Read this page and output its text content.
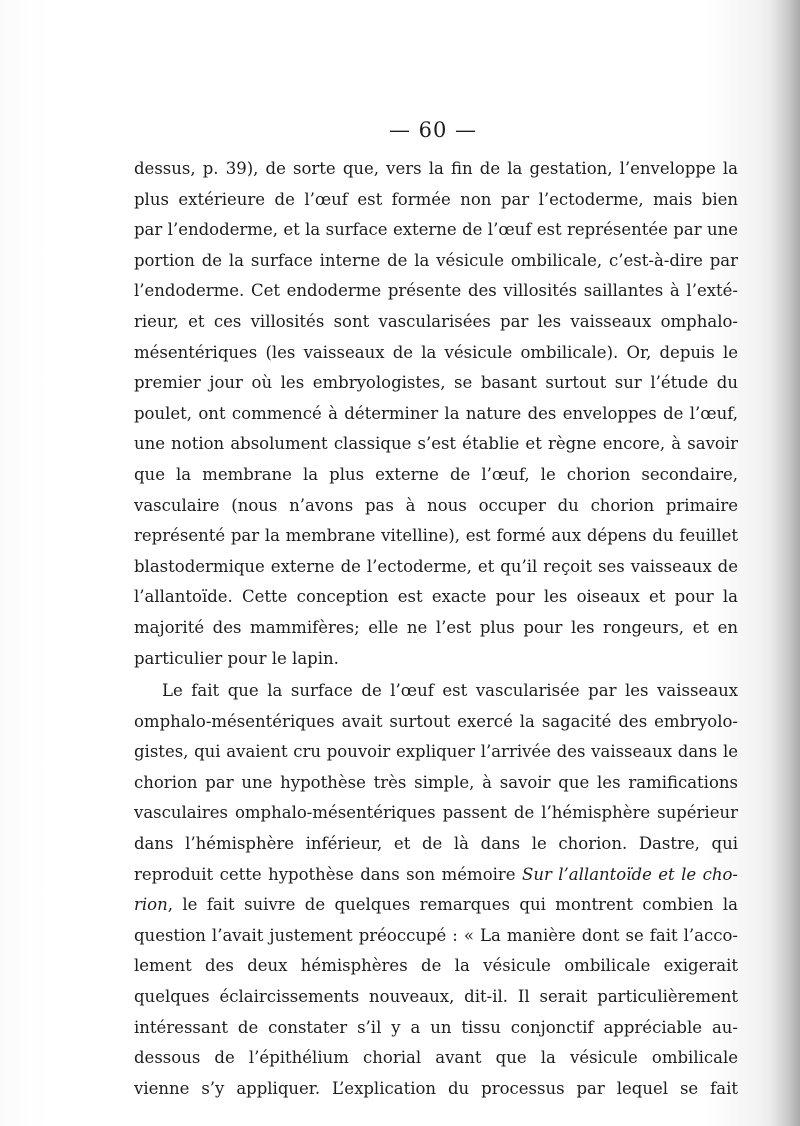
— 60 —
dessus, p. 39), de sorte que, vers la fin de la gestation, l’enveloppe la
plus extérieure de l’œuf est formée non par l’ectoderme, mais bien
par l’endoderme, et la surface externe de l’œuf est représentée par une
portion de la surface interne de la vésicule ombilicale, c’est-à-dire par
l’endoderme. Cet endoderme présente des villosités saillantes à l’exté-
rieur, et ces villosités sont vascularisées par les vaisseaux omphalo-
mésentériques (les vaisseaux de la vésicule ombilicale). Or, depuis le
premier jour où les embryologistes, se basant surtout sur l’étude du
poulet, ont commencé à déterminer la nature des enveloppes de l’œuf,
une notion absolument classique s’est établie et règne encore, à savoir
que la membrane la plus externe de l’œuf, le chorion secondaire,
vasculaire (nous n’avons pas à nous occuper du chorion primaire
représenté par la membrane vitelline), est formé aux dépens du feuillet
blastodermique externe de l’ectoderme, et qu’il reçoit ses vaisseaux de
l’allantoïde. Cette conception est exacte pour les oiseaux et pour la
majorité des mammifères; elle ne l’est plus pour les rongeurs, et en
particulier pour le lapin.
Le fait que la surface de l’œuf est vascularisée par les vaisseaux
omphalo-mésentériques avait surtout exercé la sagacité des embryolo-
gistes, qui avaient cru pouvoir expliquer l’arrivée des vaisseaux dans le
chorion par une hypothèse très simple, à savoir que les ramifications
vasculaires omphalo-mésentériques passent de l’hémisphère supérieur
dans l’hémisphère inférieur, et de là dans le chorion. Dastre, qui
reproduit cette hypothèse dans son mémoire Sur l’allantoïde et le cho-
rion, le fait suivre de quelques remarques qui montrent combien la
question l’avait justement préoccupé : « La manière dont se fait l’acco-
lement des deux hémisphères de la vésicule ombilicale exigerait
quelques éclaircissements nouveaux, dit-il. Il serait particulièrement
intéressant de constater s’il y a un tissu conjonctif appréciable au-
dessous de l’épithélium chorial avant que la vésicule ombilicale
vienne s’y appliquer. L’explication du processus par lequel se fait
